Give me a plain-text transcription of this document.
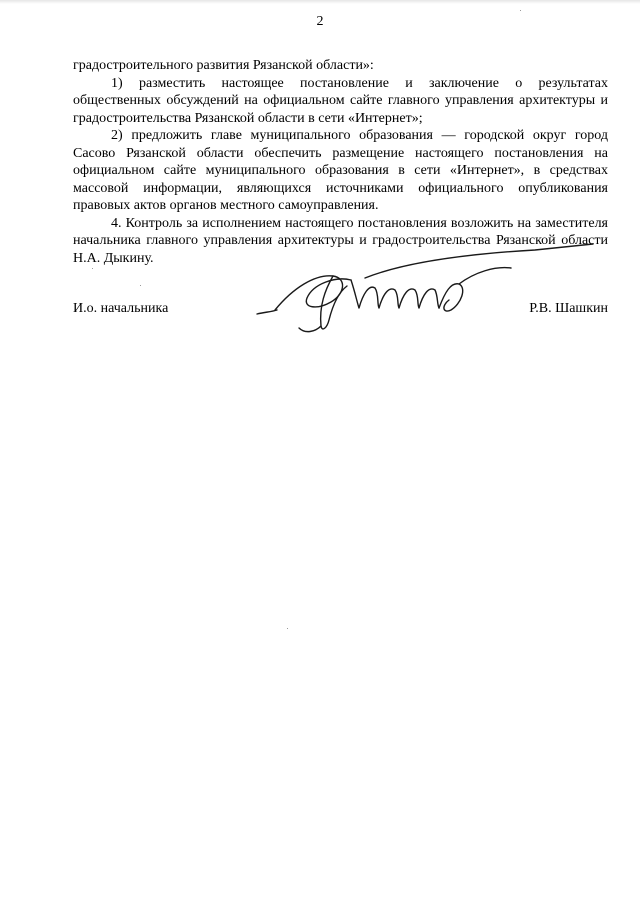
2

градостроительного развития Рязанской области»:

1) разместить настоящее постановление и заключение о результатах общественных обсуждений на официальном сайте главного управления архитектуры и градостроительства Рязанской области в сети «Интернет»;

2) предложить главе муниципального образования — городской округ город Сасово Рязанской области обеспечить размещение настоящего постановления на официальном сайте муниципального образования в сети «Интернет», в средствах массовой информации, являющихся источниками официального опубликования правовых актов органов местного самоуправления.

4. Контроль за исполнением настоящего постановления возложить на заместителя начальника главного управления архитектуры и градостроительства Рязанской области Н.А. Дыкину.

И.о. начальника	Р.В. Шашкин
